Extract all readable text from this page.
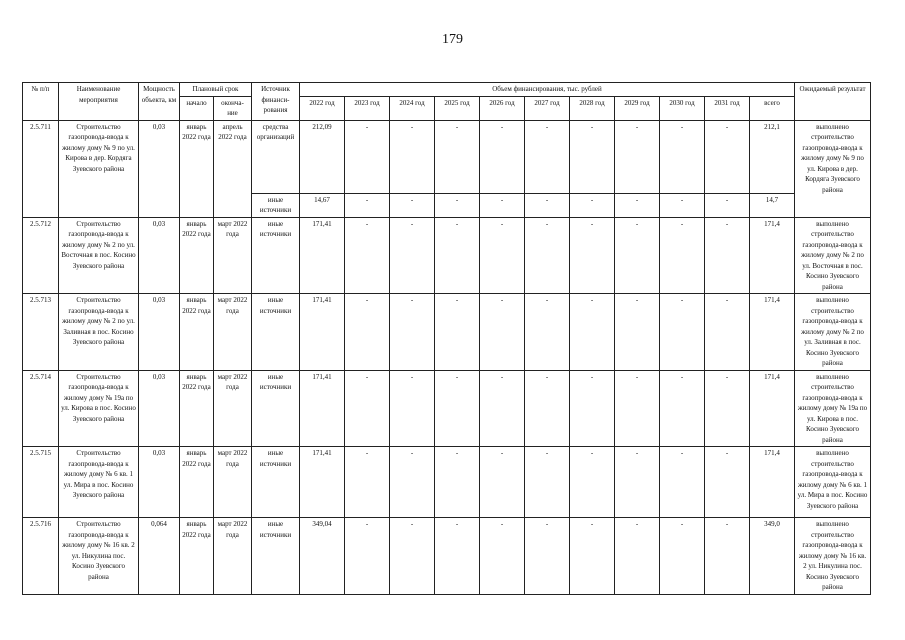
179
№ п/п	Наименование мероприятия	Мощность объекта, км	Плановый срок		Источник финанси-рования	Объем финансирования, тыс. рублей											Ожидаемый результат
			начало	оконча-ние		2022 год	2023 год	2024 год	2025 год	2026 год	2027 год	2028 год	2029 год	2030 год	2031 год	всего	
2.5.711	Строительство газопровода-ввода к жилому дому № 9 по ул. Кирова в дер. Кордяга Зуевского района	0,03	январь 2022 года	апрель 2022 года	средства организаций	212,09	-	-	-	-	-	-	-	-	-	212,1	выполнено строительство газопровода-ввода к жилому дому № 9 по ул. Кирова в дер. Кордяга Зуевского района
					иные источники	14,67	-	-	-	-	-	-	-	-	-	14,7	
2.5.712	Строительство газопровода-ввода к жилому дому № 2 по ул. Восточная в пос. Косино Зуевского района	0,03	январь 2022 года	март 2022 года	иные источники	171,41	-	-	-	-	-	-	-	-	-	171,4	выполнено строительство газопровода-ввода к жилому дому № 2 по ул. Восточная в пос. Косино Зуевского района
2.5.713	Строительство газопровода-ввода к жилому дому № 2 по ул. Заливная в пос. Косино Зуевского района	0,03	январь 2022 года	март 2022 года	иные источники	171,41	-	-	-	-	-	-	-	-	-	171,4	выполнено строительство газопровода-ввода к жилому дому № 2 по ул. Заливная в пос. Косино Зуевского района
2.5.714	Строительство газопровода-ввода к жилому дому № 19а по ул. Кирова в пос. Косино Зуевского района	0,03	январь 2022 года	март 2022 года	иные источники	171,41	-	-	-	-	-	-	-	-	-	171,4	выполнено строительство газопровода-ввода к жилому дому № 19а по ул. Кирова в пос. Косино Зуевского района
2.5.715	Строительство газопровода-ввода к жилому дому № 6 кв. 1 ул. Мира в пос. Косино Зуевского района	0,03	январь 2022 года	март 2022 года	иные источники	171,41	-	-	-	-	-	-	-	-	-	171,4	выполнено строительство газопровода-ввода к жилому дому № 6 кв. 1 ул. Мира в пос. Косино Зуевского района
2.5.716	Строительство газопровода-ввода к жилому дому № 16 кв. 2 ул. Никулина пос. Косино Зуевского района	0,064	январь 2022 года	март 2022 года	иные источники	349,04	-	-	-	-	-	-	-	-	-	349,0	выполнено строительство газопровода-ввода к жилому дому № 16 кв. 2 ул. Никулина пос. Косино Зуевского района
